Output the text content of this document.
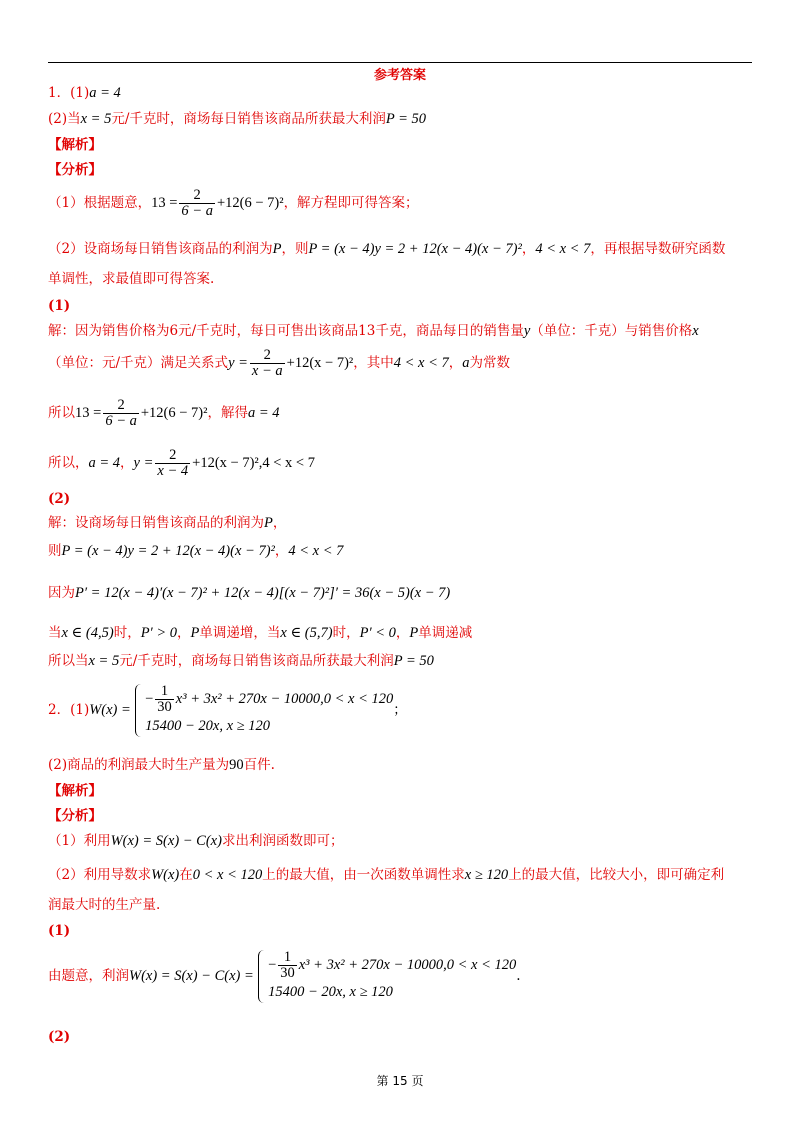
参考答案
1．(1)a = 4
(2)当x = 5元/千克时，商场每日销售该商品所获最大利润P = 50
【解析】
【分析】
（1）根据题意，$13 = \frac{2}{6 - a} +12(6 - 7)^2$，解方程即可得答案；
（2）设商场每日销售该商品的利润为P，则P = (x − 4)y = 2 + 12(x − 4)(x − 7)²，4 < x < 7，再根据导数研究函数
单调性，求最值即可得答案.
(1)
解：因为销售价格为6元/千克时，每日可售出该商品13千克，商品每日的销售量y（单位：千克）与销售价格x
（单位：元/千克）满足关系式$y = \frac{2}{x - a} +12(x - 7)^2$，其中4 < x < 7，a为常数
所以$13 = \frac{2}{6 - a} +12(6 - 7)^2$，解得a = 4
所以，a = 4，$y = \frac{2}{x - 4} +12(x - 7)^2,4 < x < 7$
(2)
解：设商场每日销售该商品的利润为P，
则P = (x − 4)y = 2 + 12(x − 4)(x − 7)²，4 < x < 7
因为P′ = 12(x − 4)′(x − 7)² + 12(x − 4)[(x − 7)²]′ = 36(x − 5)(x − 7)
当x ∈ (4,5)时，P′ > 0，P单调递增，当x ∈ (5,7)时，P′ < 0，P单调递减
所以当x = 5元/千克时，商场每日销售该商品所获最大利润P = 50
2．(1)W(x) =
− $\frac{1}{30} x^3 + 3x^2 + 270x - 10000,0 < x < 120$
15400 − 20x, x ≥ 120
；
(2)商品的利润最大时生产量为90百件.
【解析】
【分析】
（1）利用W(x) = S(x) − C(x)求出利润函数即可；
（2）利用导数求W(x)在0 < x < 120上的最大值，由一次函数单调性求x ≥ 120上的最大值，比较大小，即可确定利
润最大时的生产量.
(1)
由题意，利润W(x) = S(x) − C(x) =
− $\frac{1}{30} x^3 + 3x^2 + 270x - 10000,0 < x < 120$
15400 − 20x, x ≥ 120
.
(2)
第 15 页
